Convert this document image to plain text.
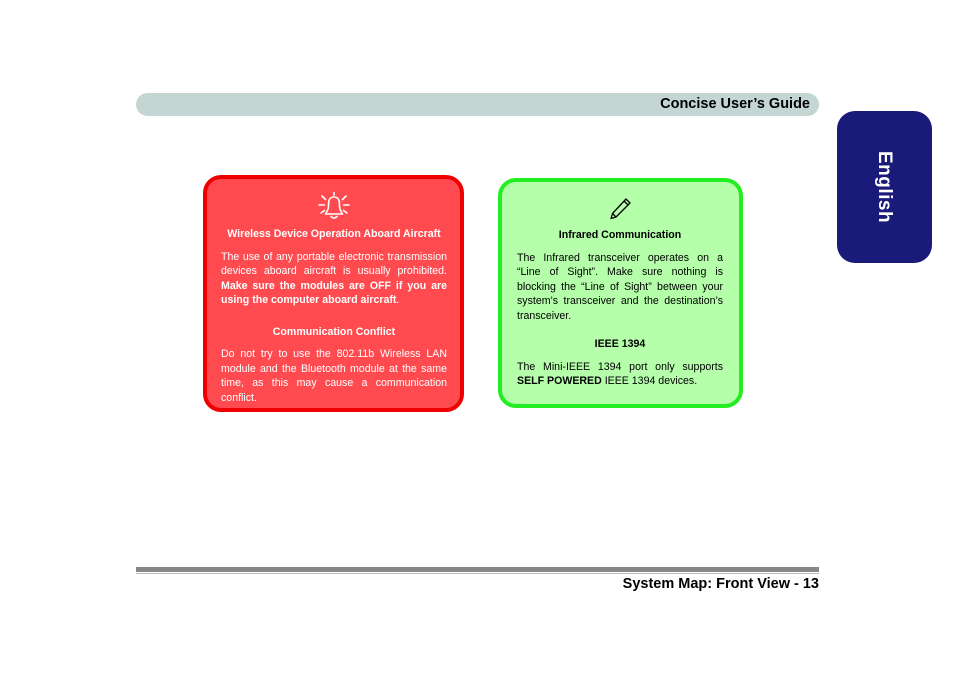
Concise User’s Guide
English
Wireless Device Operation Aboard Aircraft

The use of any portable electronic transmission devices aboard aircraft is usually prohibited. Make sure the modules are OFF if you are using the computer aboard aircraft.

Communication Conflict

Do not try to use the 802.11b Wireless LAN module and the Bluetooth module at the same time, as this may cause a communication conflict.

Infrared Communication

The Infrared transceiver operates on a “Line of Sight”. Make sure nothing is blocking the “Line of Sight” between your system’s transceiver and the destination’s transceiver.

IEEE 1394

The Mini-IEEE 1394 port only supports SELF POWERED IEEE 1394 devices.

System Map: Front View - 13
